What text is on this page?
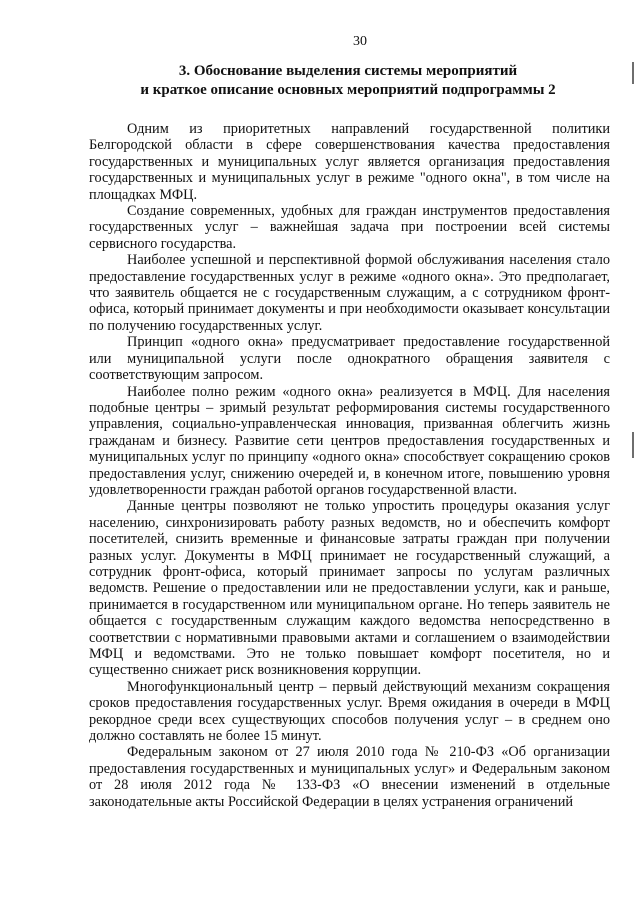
30
3. Обоснование выделения системы мероприятий
и краткое описание основных мероприятий подпрограммы 2

Одним из приоритетных направлений государственной политики Белгородской области в сфере совершенствования качества предоставления государственных и муниципальных услуг является организация предоставления государственных и муниципальных услуг в режиме "одного окна", в том числе на площадках МФЦ.

Создание современных, удобных для граждан инструментов предоставления государственных услуг – важнейшая задача при построении всей системы сервисного государства.

Наиболее успешной и перспективной формой обслуживания населения стало предоставление государственных услуг в режиме «одного окна». Это предполагает, что заявитель общается не с государственным служащим, а с сотрудником фронт-офиса, который принимает документы и при необходимости оказывает консультации по получению государственных услуг.

Принцип «одного окна» предусматривает предоставление государственной или муниципальной услуги после однократного обращения заявителя с соответствующим запросом.

Наиболее полно режим «одного окна» реализуется в МФЦ. Для населения подобные центры – зримый результат реформирования системы государственного управления, социально-управленческая инновация, призванная облегчить жизнь гражданам и бизнесу. Развитие сети центров предоставления государственных и муниципальных услуг по принципу «одного окна» способствует сокращению сроков предоставления услуг, снижению очередей и, в конечном итоге, повышению уровня удовлетворенности граждан работой органов государственной власти.

Данные центры позволяют не только упростить процедуры оказания услуг населению, синхронизировать работу разных ведомств, но и обеспечить комфорт посетителей, снизить временные и финансовые затраты граждан при получении разных услуг. Документы в МФЦ принимает не государственный служащий, а сотрудник фронт-офиса, который принимает запросы по услугам различных ведомств. Решение о предоставлении или не предоставлении услуги, как и раньше, принимается в государственном или муниципальном органе. Но теперь заявитель не общается с государственным служащим каждого ведомства непосредственно в соответствии с нормативными правовыми актами и соглашением о взаимодействии МФЦ и ведомствами. Это не только повышает комфорт посетителя, но и существенно снижает риск возникновения коррупции.

Многофункциональный центр – первый действующий механизм сокращения сроков предоставления государственных услуг. Время ожидания в очереди в МФЦ рекордное среди всех существующих способов получения услуг – в среднем оно должно составлять не более 15 минут.

Федеральным законом от 27 июля 2010 года № 210-ФЗ «Об организации предоставления государственных и муниципальных услуг» и Федеральным законом от 28 июля 2012 года № 133-ФЗ «О внесении изменений в отдельные законодательные акты Российской Федерации в целях устранения ограничений
